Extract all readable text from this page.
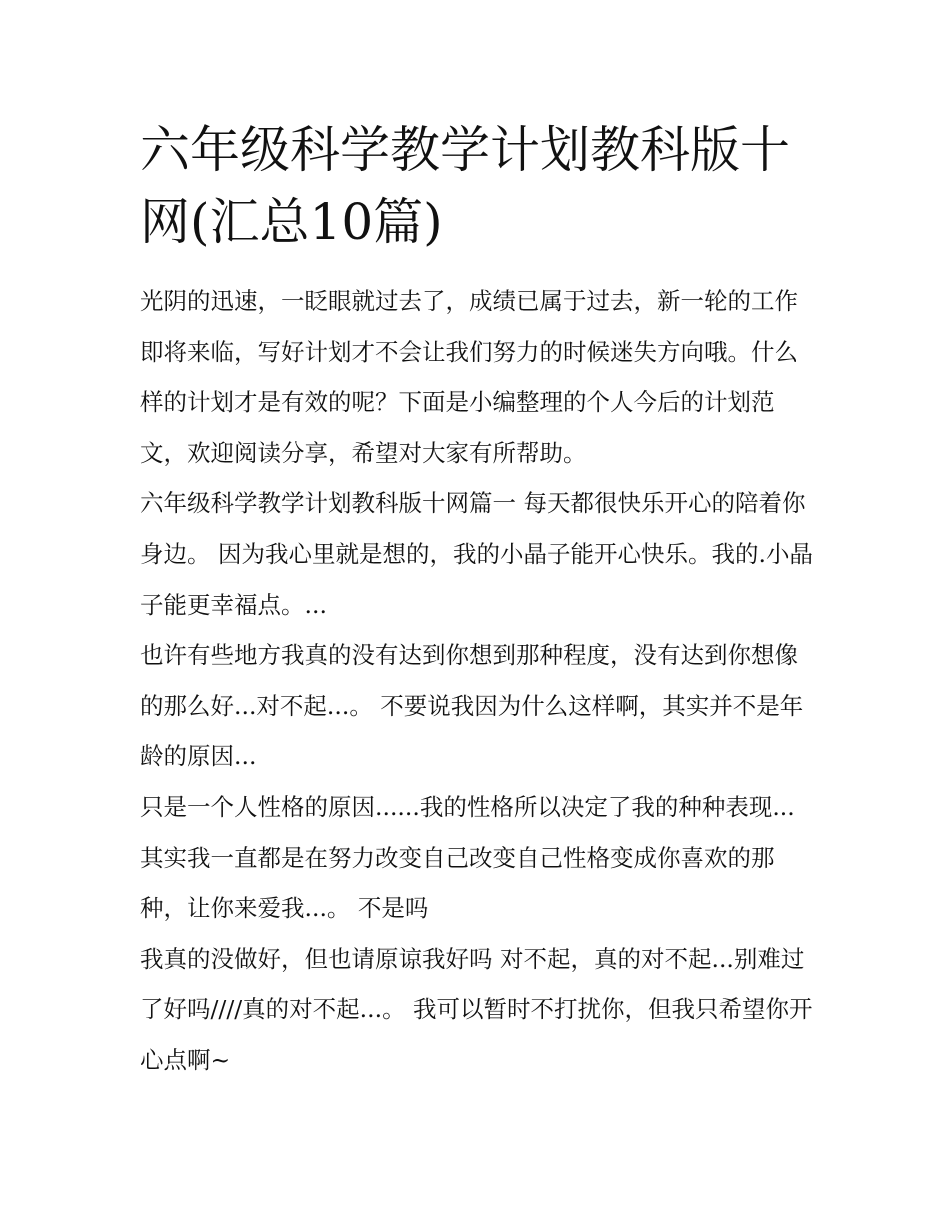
六年级科学教学计划教科版十网(汇总10篇)

光阴的迅速，一眨眼就过去了，成绩已属于过去，新一轮的工作即将来临，写好计划才不会让我们努力的时候迷失方向哦。什么样的计划才是有效的呢？下面是小编整理的个人今后的计划范文，欢迎阅读分享，希望对大家有所帮助。

六年级科学教学计划教科版十网篇一 每天都很快乐开心的陪着你身边。 因为我心里就是想的，我的小晶子能开心快乐。我的.小晶子能更幸福点。...

也许有些地方我真的没有达到你想到那种程度，没有达到你想像的那么好...对不起...。 不要说我因为什么这样啊，其实并不是年龄的原因...

只是一个人性格的原因......我的性格所以决定了我的种种表现...其实我一直都是在努力改变自己改变自己性格变成你喜欢的那种，让你来爱我...。 不是吗

我真的没做好，但也请原谅我好吗 对不起，真的对不起...别难过了好吗////真的对不起...。 我可以暂时不打扰你，但我只希望你开心点啊~
